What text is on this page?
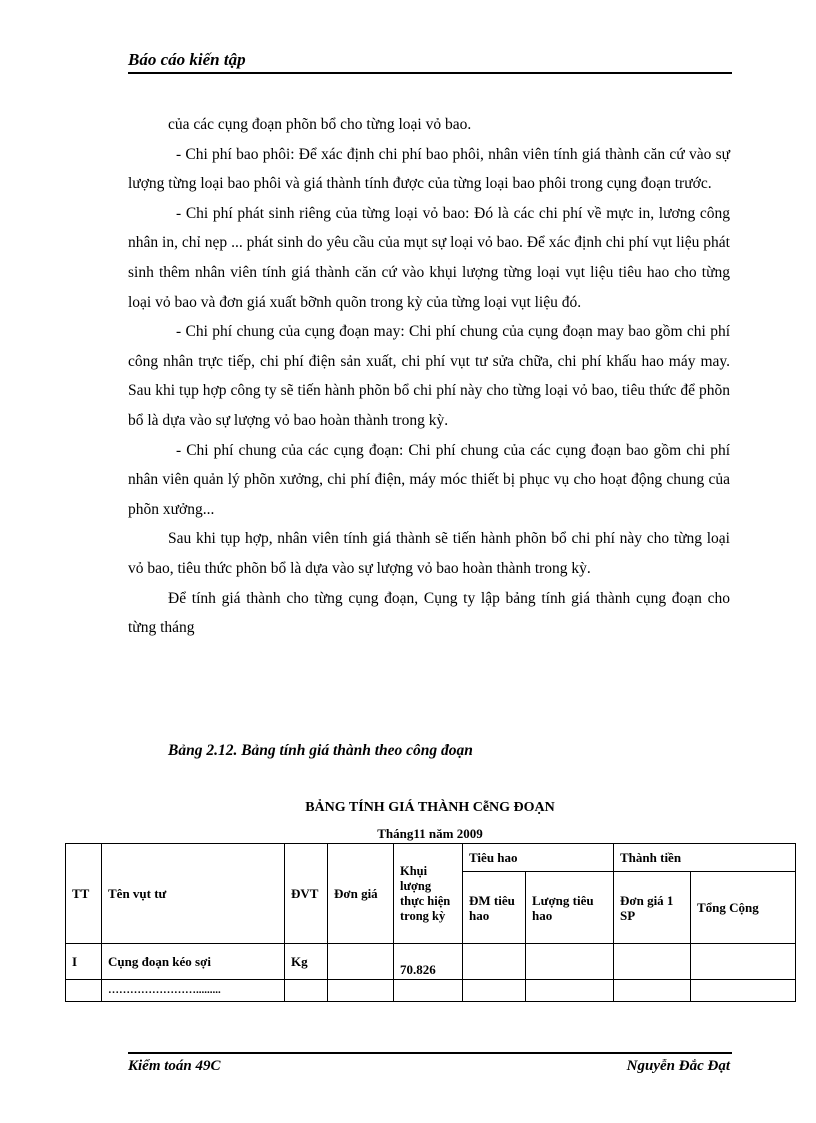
Báo cáo kiến tập

của các cụng đoạn phõn bổ cho từng loại vỏ bao.

- Chi phí bao phôi: Để xác định chi phí bao phôi, nhân viên tính giá thành căn cứ vào sự lượng từng loại bao phôi và giá thành tính được của từng loại bao phôi trong cụng đoạn trước.

- Chi phí phát sinh riêng của từng loại vỏ bao: Đó là các chi phí về mực in, lương công nhân in, chỉ nẹp ... phát sinh do yêu cầu của mụt sự loại vỏ bao. Để xác định chi phí vụt liệu phát sinh thêm nhân viên tính giá thành căn cứ vào khụi lượng từng loại vụt liệu tiêu hao cho từng loại vỏ bao và đơn giá xuất bỡnh quõn trong kỳ của từng loại vụt liệu đó.

- Chi phí chung của cụng đoạn may: Chi phí chung của cụng đoạn may bao gồm chi phí công nhân trực tiếp, chi phí điện sản xuất, chi phí vụt tư sửa chữa, chi phí khấu hao máy may. Sau khi tụp hợp công ty sẽ tiến hành phõn bổ chi phí này cho từng loại vỏ bao, tiêu thức để phõn bổ là dựa vào sự lượng vỏ bao hoàn thành trong kỳ.

- Chi phí chung của các cụng đoạn: Chi phí chung của các cụng đoạn bao gồm chi phí nhân viên quản lý phõn xưởng, chi phí điện, máy móc thiết bị phục vụ cho hoạt động chung của phõn xưởng...

Sau khi tụp hợp, nhân viên tính giá thành sẽ tiến hành phõn bổ chi phí này cho từng loại vỏ bao, tiêu thức phõn bổ là dựa vào sự lượng vỏ bao hoàn thành trong kỳ.

Để tính giá thành cho từng cụng đoạn, Cụng ty lập bảng tính giá thành cụng đoạn cho từng tháng

Bảng 2.12. Bảng tính giá thành theo công đoạn
BẢNG TÍNH GIÁ THÀNH CễNG ĐOẠN
Tháng11 năm 2009
TT	Tên vụt tư	ĐVT	Đơn giá	Khụi lượng thực hiện trong kỳ	Tiêu hao		Thành tiền	
					ĐM tiêu hao	Lượng tiêu hao	Đơn giá 1 SP	Tổng Cộng
I	Cụng đoạn kéo sợi	Kg		70.826				
	…………………….........							
Kiểm toán 49C	Nguyễn Đắc Đạt
